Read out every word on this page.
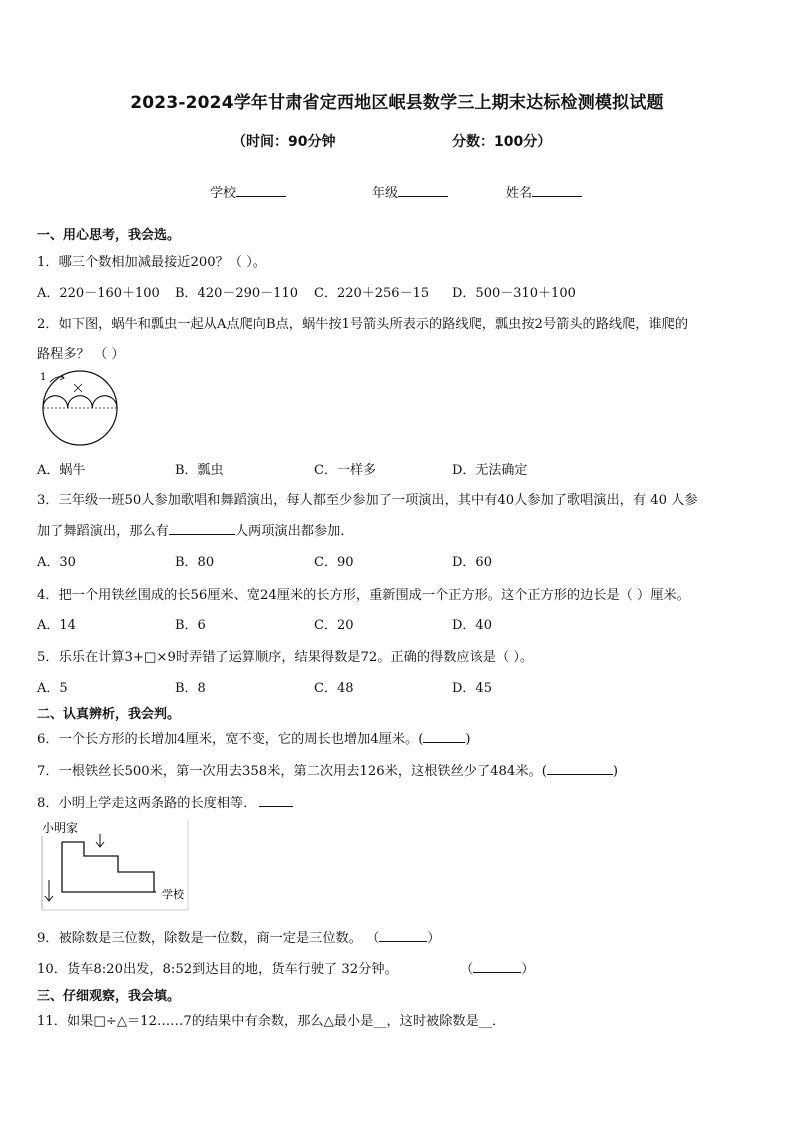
2023-2024学年甘肃省定西地区岷县数学三上期末达标检测模拟试题
（时间：90分钟	分数：100分）
学校	年级	姓名
一、用心思考，我会选。
1．哪三个数相加减最接近200？（ ）。
A．220－160＋100 B．420－290－110 C．220＋256－15 D．500－310＋100
2．如下图，蜗牛和瓢虫一起从A点爬向B点，蜗牛按1号箭头所表示的路线爬，瓢虫按2号箭头的路线爬，谁爬的
路程多？ （ ）
1
A．蜗牛	B．瓢虫	C．一样多	D．无法确定
3．三年级一班50人参加歌唱和舞蹈演出，每人都至少参加了一项演出，其中有40人参加了歌唱演出，有 40 人参
加了舞蹈演出，那么有	人两项演出都参加．
A．30	B．80	C．90	D．60
4．把一个用铁丝围成的长56厘米、宽24厘米的长方形，重新围成一个正方形。这个正方形的边长是（ ）厘米。
A．14	B．6	C．20	D．40
5．乐乐在计算3+□×9时弄错了运算顺序，结果得数是72。正确的得数应该是（ ）。
A．5	B．8	C．48	D．45
二、认真辨析，我会判。
6．一个长方形的长增加4厘米，宽不变，它的周长也增加4厘米。(	)
7．一根铁丝长500米，第一次用去358米，第二次用去126米，这根铁丝少了484米。(	)
8．小明上学走这两条路的长度相等．
小明家
学校
9．被除数是三位数，除数是一位数，商一定是三位数。 （	）
10．货车8:20出发，8:52到达目的地，货车行驶了 32分钟。	（	）
三、仔细观察，我会填。
11．如果□÷△＝12……7的结果中有余数，那么△最小是__，这时被除数是__．
